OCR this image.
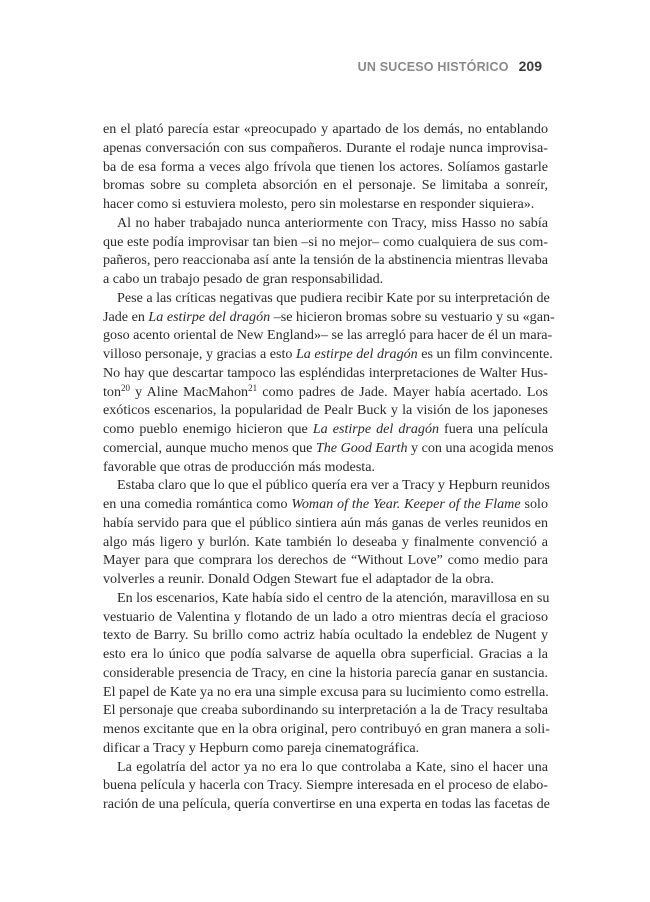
UN SUCESO HISTÓRICO 209
en el plató parecía estar «preocupado y apartado de los demás, no entablando
apenas conversación con sus compañeros. Durante el rodaje nunca improvisa-
ba de esa forma a veces algo frívola que tienen los actores. Solíamos gastarle
bromas sobre su completa absorción en el personaje. Se limitaba a sonreír,
hacer como si estuviera molesto, pero sin molestarse en responder siquiera».
Al no haber trabajado nunca anteriormente con Tracy, miss Hasso no sabía
que este podía improvisar tan bien –si no mejor– como cualquiera de sus com-
pañeros, pero reaccionaba así ante la tensión de la abstinencia mientras llevaba
a cabo un trabajo pesado de gran responsabilidad.
Pese a las críticas negativas que pudiera recibir Kate por su interpretación de
Jade en La estirpe del dragón –se hicieron bromas sobre su vestuario y su «gan-
goso acento oriental de New England»– se las arregló para hacer de él un mara-
villoso personaje, y gracias a esto La estirpe del dragón es un film convincente.
No hay que descartar tampoco las espléndidas interpretaciones de Walter Hus-
ton$^{20}$ y Aline MacMahon$^{21}$ como padres de Jade. Mayer había acertado. Los
exóticos escenarios, la popularidad de Pealr Buck y la visión de los japoneses
como pueblo enemigo hicieron que La estirpe del dragón fuera una película
comercial, aunque mucho menos que The Good Earth y con una acogida menos
favorable que otras de producción más modesta.
Estaba claro que lo que el público quería era ver a Tracy y Hepburn reunidos
en una comedia romántica como Woman of the Year. Keeper of the Flame solo
había servido para que el público sintiera aún más ganas de verles reunidos en
algo más ligero y burlón. Kate también lo deseaba y finalmente convenció a
Mayer para que comprara los derechos de “Without Love” como medio para
volverles a reunir. Donald Odgen Stewart fue el adaptador de la obra.
En los escenarios, Kate había sido el centro de la atención, maravillosa en su
vestuario de Valentina y flotando de un lado a otro mientras decía el gracioso
texto de Barry. Su brillo como actriz había ocultado la endeblez de Nugent y
esto era lo único que podía salvarse de aquella obra superficial. Gracias a la
considerable presencia de Tracy, en cine la historia parecía ganar en sustancia.
El papel de Kate ya no era una simple excusa para su lucimiento como estrella.
El personaje que creaba subordinando su interpretación a la de Tracy resultaba
menos excitante que en la obra original, pero contribuyó en gran manera a soli-
dificar a Tracy y Hepburn como pareja cinematográfica.
La egolatría del actor ya no era lo que controlaba a Kate, sino el hacer una
buena película y hacerla con Tracy. Siempre interesada en el proceso de elabo-
ración de una película, quería convertirse en una experta en todas las facetas de
